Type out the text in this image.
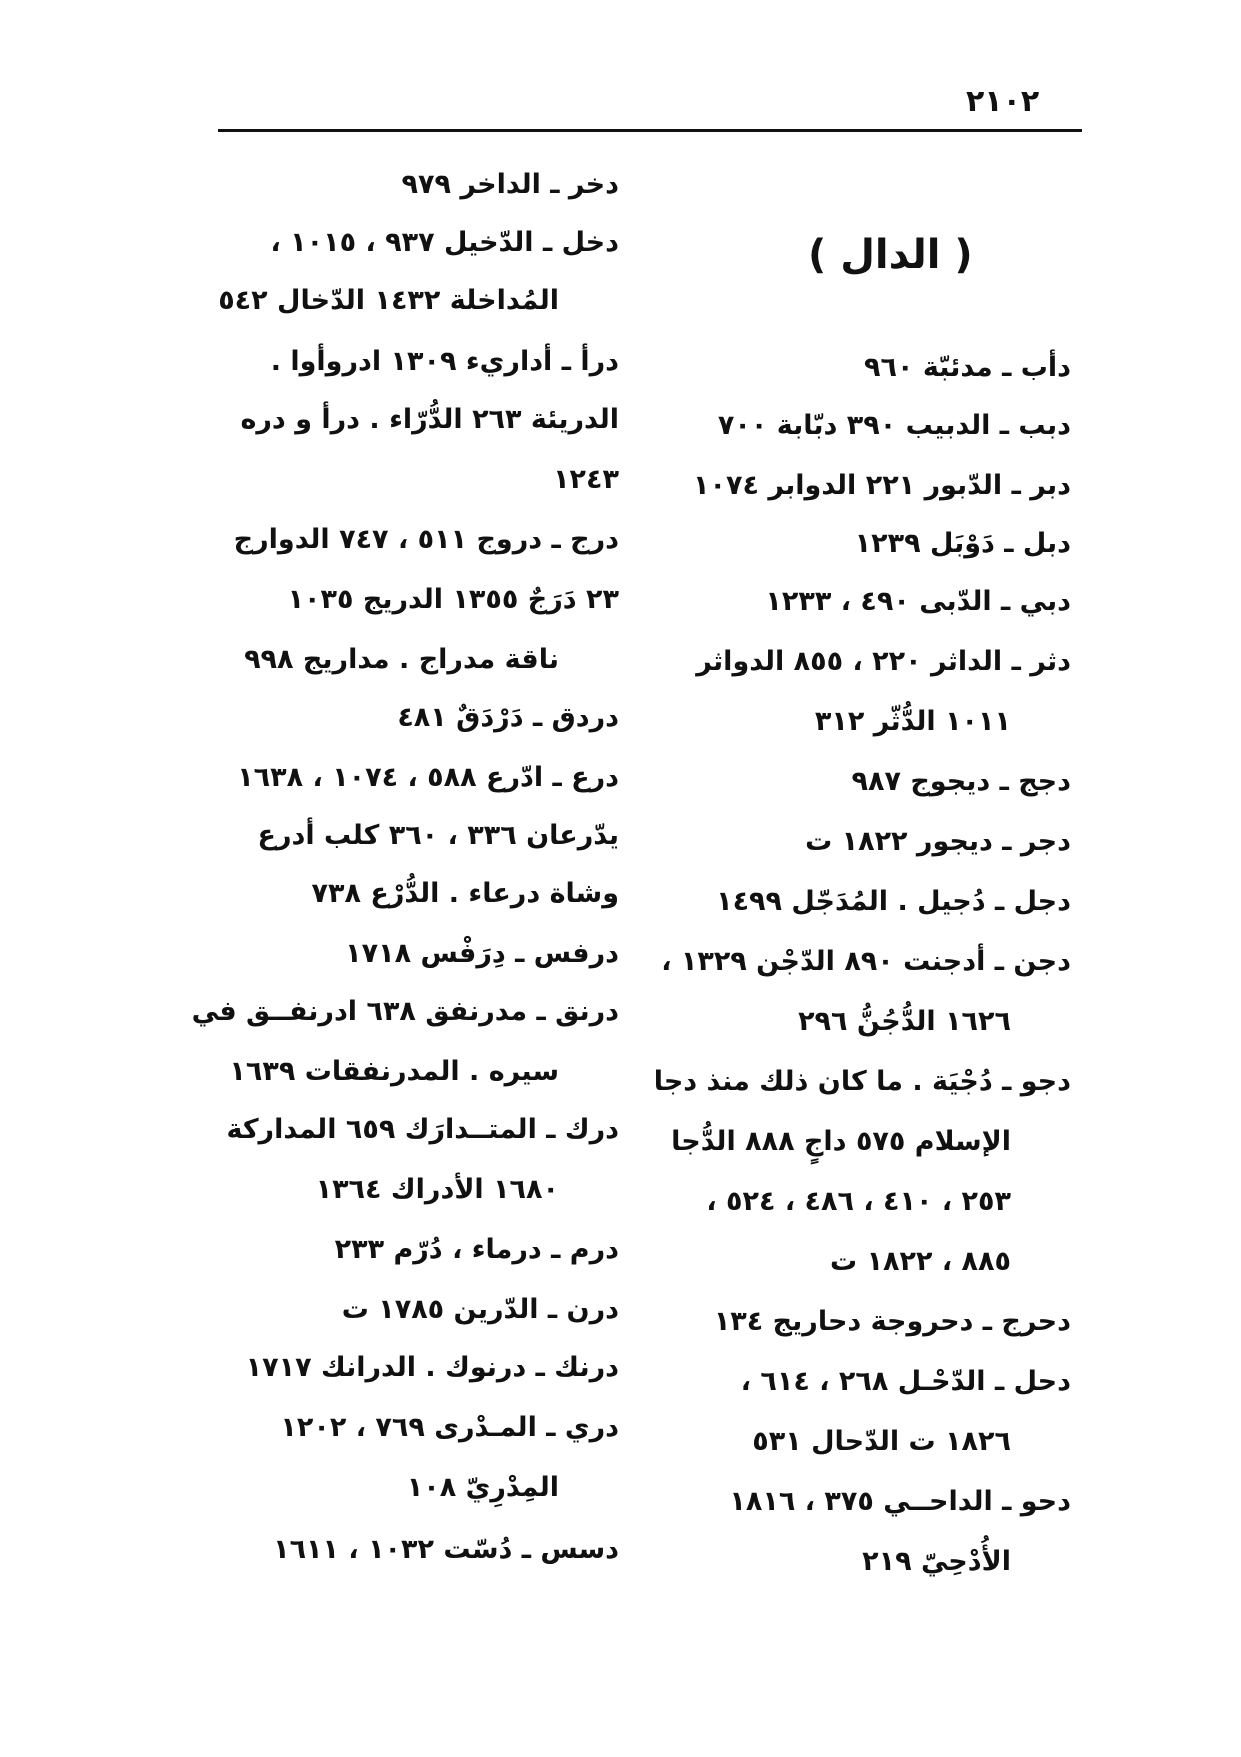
٢١٠٢
( الدال )
دأب ـ مدئبّة ٩٦٠
دبب ـ الدبيب ٣٩٠ دبّابة ٧٠٠
دبر ـ الدّبور ٢٢١ الدوابر ١٠٧٤
دبل ـ دَوْبَل ١٢٣٩
دبي ـ الدّبى ٤٩٠ ، ١٢٣٣
دثر ـ الداثر ٢٢٠ ، ٨٥٥ الدواثر
١٠١١ الدُّثّر ٣١٢
دجج ـ ديجوج ٩٨٧
دجر ـ ديجور ١٨٢٢ ت
دجل ـ دُجيل . المُدَجّل ١٤٩٩
دجن ـ أدجنت ٨٩٠ الدّجْن ١٣٢٩ ،
١٦٢٦ الدُّجُنُّ ٢٩٦
دجو ـ دُجْيَة . ما كان ذلك منذ دجا
الإسلام ٥٧٥ داجٍ ٨٨٨ الدُّجا
٢٥٣ ، ٤١٠ ، ٤٨٦ ، ٥٢٤ ،
٨٨٥ ، ١٨٢٢ ت
دحرج ـ دحروجة دحاريج ١٣٤
دحل ـ الدّحْـل ٢٦٨ ، ٦١٤ ،
١٨٢٦ ت الدّحال ٥٣١
دحو ـ الداحــي ٣٧٥ ، ١٨١٦
الأُدْحِيّ ٢١٩
دخر ـ الداخر ٩٧٩
دخل ـ الدّخيل ٩٣٧ ، ١٠١٥ ،
المُداخلة ١٤٣٢ الدّخال ٥٤٢
درأ ـ أداريء ١٣٠٩ ادروأوا .
الدريئة ٢٦٣ الدُّرّاء . درأ و دره
١٢٤٣
درج ـ دروج ٥١١ ، ٧٤٧ الدوارج
٢٣ دَرَجٌ ١٣٥٥ الدريج ١٠٣٥
ناقة مدراج . مداريج ٩٩٨
دردق ـ دَرْدَقٌ ٤٨١
درع ـ ادّرع ٥٨٨ ، ١٠٧٤ ، ١٦٣٨
يدّرعان ٣٣٦ ، ٣٦٠ كلب أدرع
وشاة درعاء . الدُّرْع ٧٣٨
درفس ـ دِرَفْس ١٧١٨
درنق ـ مدرنفق ٦٣٨ ادرنفــق في
سيره . المدرنفقات ١٦٣٩
درك ـ المتــدارَك ٦٥٩ المداركة
١٦٨٠ الأدراك ١٣٦٤
درم ـ درماء ، دُرّم ٢٣٣
درن ـ الدّرين ١٧٨٥ ت
درنك ـ درنوك . الدرانك ١٧١٧
دري ـ المـدْرى ٧٦٩ ، ١٢٠٢
المِدْرِيّ ١٠٨
دسس ـ دُسّت ١٠٣٢ ، ١٦١١
